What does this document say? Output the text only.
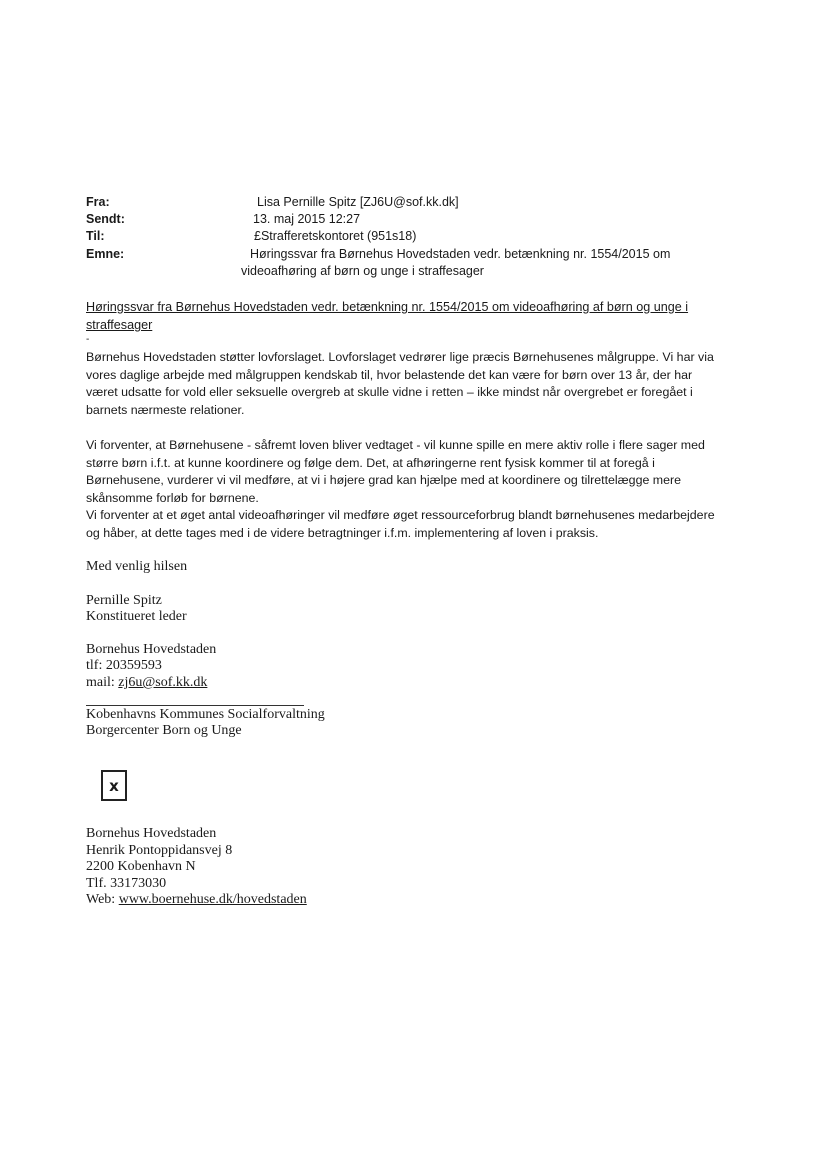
Fra:	Lisa Pernille Spitz [ZJ6U@sof.kk.dk]
Sendt:	13. maj 2015 12:27
Til:	£Strafferetskontoret (951s18)
Emne:	Høringssvar fra Børnehus Hovedstaden vedr. betænkning nr. 1554/2015 om
videoafhøring af børn og unge i straffesager
Høringssvar fra Børnehus Hovedstaden vedr. betænkning nr. 1554/2015 om videoafhøring af børn og unge i straffesager
-
Børnehus Hovedstaden støtter lovforslaget. Lovforslaget vedrører lige præcis Børnehusenes målgruppe. Vi har via vores daglige arbejde med målgruppen kendskab til, hvor belastende det kan være for børn over 13 år, der har været udsatte for vold eller seksuelle overgreb at skulle vidne i retten – ikke mindst når overgrebet er foregået i barnets nærmeste relationer.
Vi forventer, at Børnehusene - såfremt loven bliver vedtaget - vil kunne spille en mere aktiv rolle i flere sager med større børn i.f.t. at kunne koordinere og følge dem. Det, at afhøringerne rent fysisk kommer til at foregå i Børnehusene, vurderer vi vil medføre, at vi i højere grad kan hjælpe med at koordinere og tilrettelægge mere skånsomme forløb for børnene.
Vi forventer at et øget antal videoafhøringer vil medføre øget ressourceforbrug blandt børnehusenes medarbejdere og håber, at dette tages med i de videre betragtninger i.f.m. implementering af loven i praksis.
Med venlig hilsen
Pernille Spitz
Konstitueret leder
Bornehus Hovedstaden
tlf: 20359593
mail: zj6u@sof.kk.dk
Kobenhavns Kommunes Socialforvaltning
Borgercenter Born og Unge
x
Bornehus Hovedstaden
Henrik Pontoppidansvej 8
2200 Kobenhavn N
Tlf. 33173030
Web: www.boernehuse.dk/hovedstaden
